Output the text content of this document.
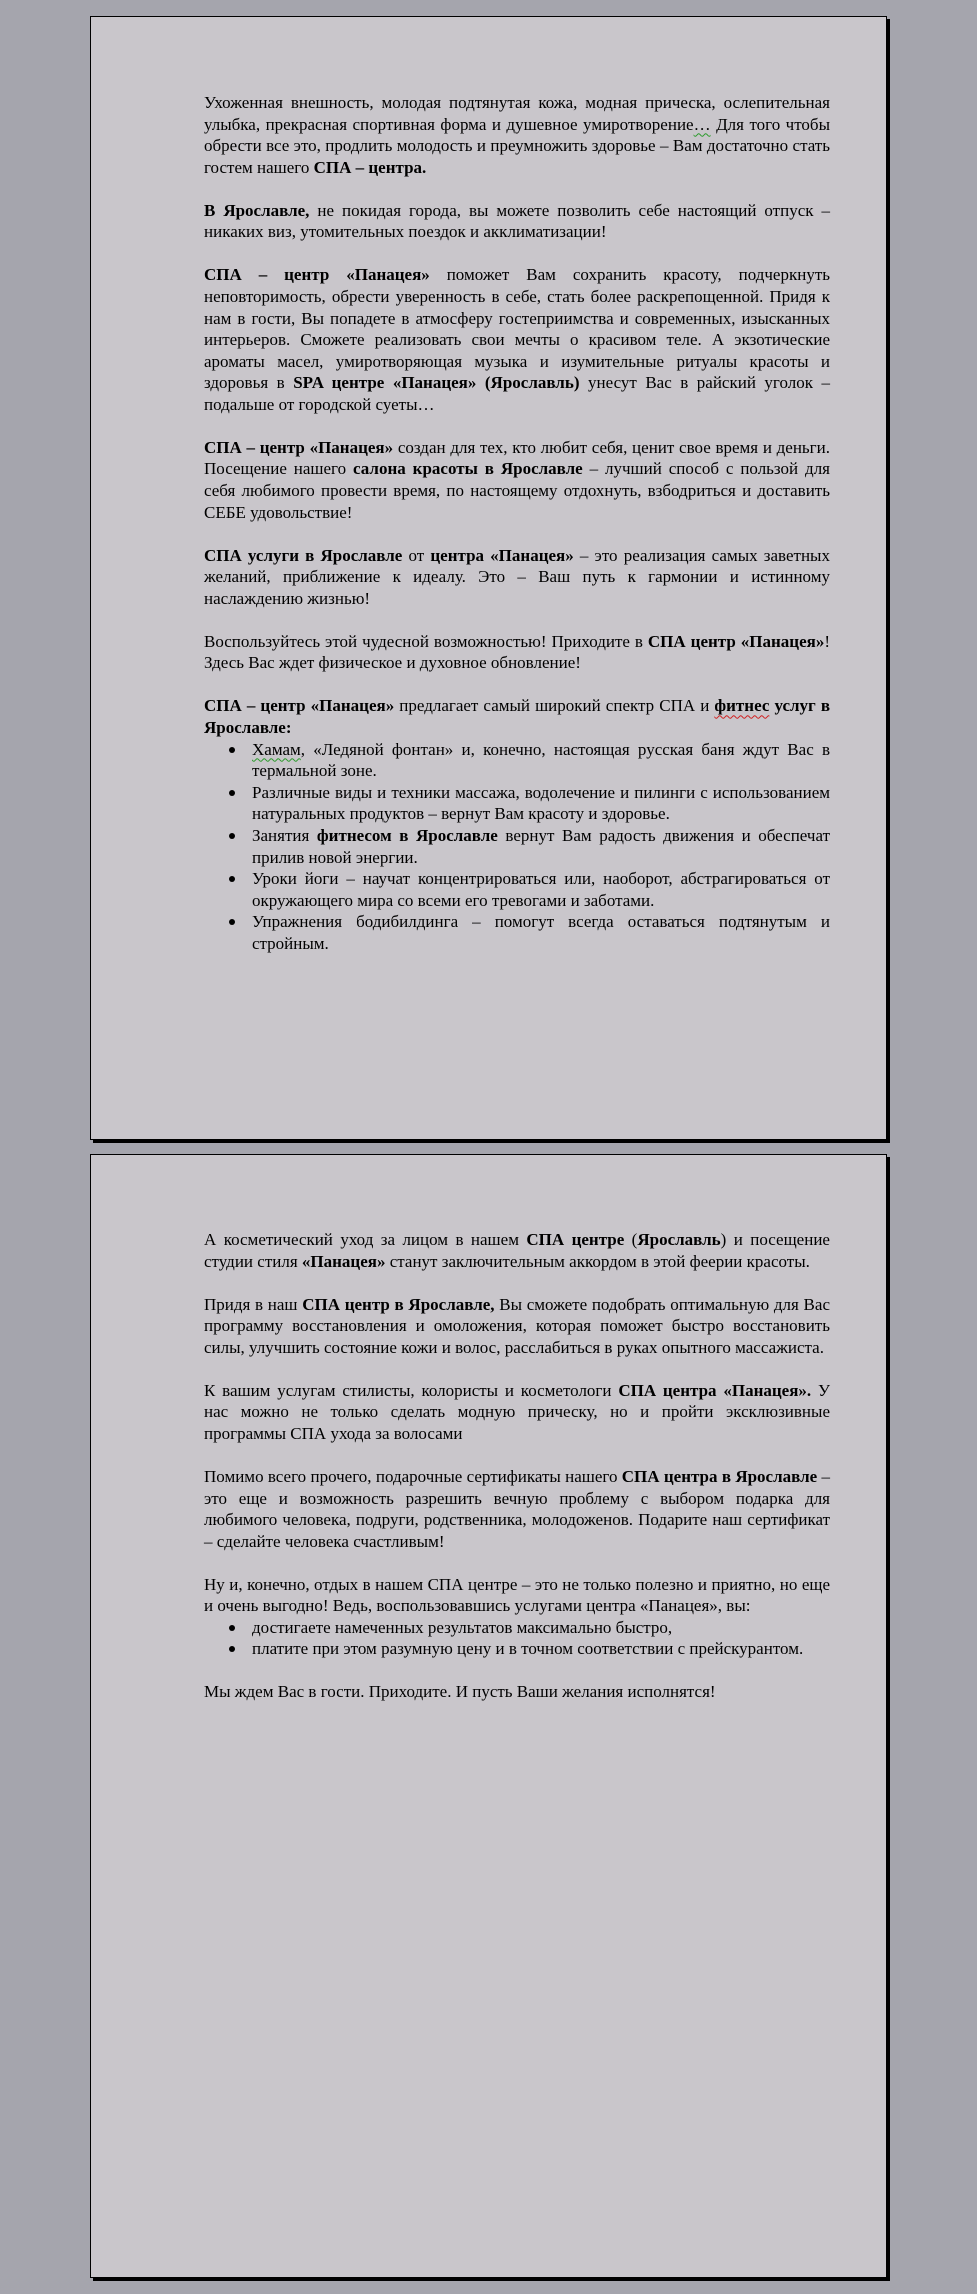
Ухоженная внешность, молодая подтянутая кожа, модная прическа, ослепительная улыбка, прекрасная спортивная форма и душевное умиротворение… Для того чтобы обрести все это, продлить молодость и преумножить здоровье – Вам достаточно стать гостем нашего СПА – центра.

В Ярославле, не покидая города, вы можете позволить себе настоящий отпуск – никаких виз, утомительных поездок и акклиматизации!

СПА – центр «Панацея» поможет Вам сохранить красоту, подчеркнуть неповторимость, обрести уверенность в себе, стать более раскрепощенной. Придя к нам в гости, Вы попадете в атмосферу гостеприимства и современных, изысканных интерьеров. Сможете реализовать свои мечты о красивом теле. А экзотические ароматы масел, умиротворяющая музыка и изумительные ритуалы красоты и здоровья в SPA центре «Панацея» (Ярославль) унесут Вас в райский уголок – подальше от городской суеты…

СПА – центр «Панацея» создан для тех, кто любит себя, ценит свое время и деньги. Посещение нашего салона красоты в Ярославле – лучший способ с пользой для себя любимого провести время, по настоящему отдохнуть, взбодриться и доставить СЕБЕ удовольствие!

СПА услуги в Ярославле от центра «Панацея» – это реализация самых заветных желаний, приближение к идеалу. Это – Ваш путь к гармонии и истинному наслаждению жизнью!

Воспользуйтесь этой чудесной возможностью! Приходите в СПА центр «Панацея»! Здесь Вас ждет физическое и духовное обновление!

СПА – центр «Панацея» предлагает самый широкий спектр СПА и фитнес услуг в Ярославле:

Хамам, «Ледяной фонтан» и, конечно, настоящая русская баня ждут Вас в термальной зоне.
Различные виды и техники массажа, водолечение и пилинги с использованием натуральных продуктов – вернут Вам красоту и здоровье.
Занятия фитнесом в Ярославле вернут Вам радость движения и обеспечат прилив новой энергии.
Уроки йоги – научат концентрироваться или, наоборот, абстрагироваться от окружающего мира со всеми его тревогами и заботами.
Упражнения бодибилдинга – помогут всегда оставаться подтянутым и стройным.

А косметический уход за лицом в нашем СПА центре (Ярославль) и посещение студии стиля «Панацея» станут заключительным аккордом в этой феерии красоты.

Придя в наш СПА центр в Ярославле, Вы сможете подобрать оптимальную для Вас программу восстановления и омоложения, которая поможет быстро восстановить силы, улучшить состояние кожи и волос, расслабиться в руках опытного массажиста.

К вашим услугам стилисты, колористы и косметологи СПА центра «Панацея». У нас можно не только сделать модную прическу, но и пройти эксклюзивные программы СПА ухода за волосами

Помимо всего прочего, подарочные сертификаты нашего СПА центра в Ярославле – это еще и возможность разрешить вечную проблему с выбором подарка для любимого человека, подруги, родственника, молодоженов. Подарите наш сертификат – сделайте человека счастливым!

Ну и, конечно, отдых в нашем СПА центре – это не только полезно и приятно, но еще и очень выгодно! Ведь, воспользовавшись услугами центра «Панацея», вы:

достигаете намеченных результатов максимально быстро,
платите при этом разумную цену и в точном соответствии с прейскурантом.

Мы ждем Вас в гости. Приходите. И пусть Ваши желания исполнятся!
